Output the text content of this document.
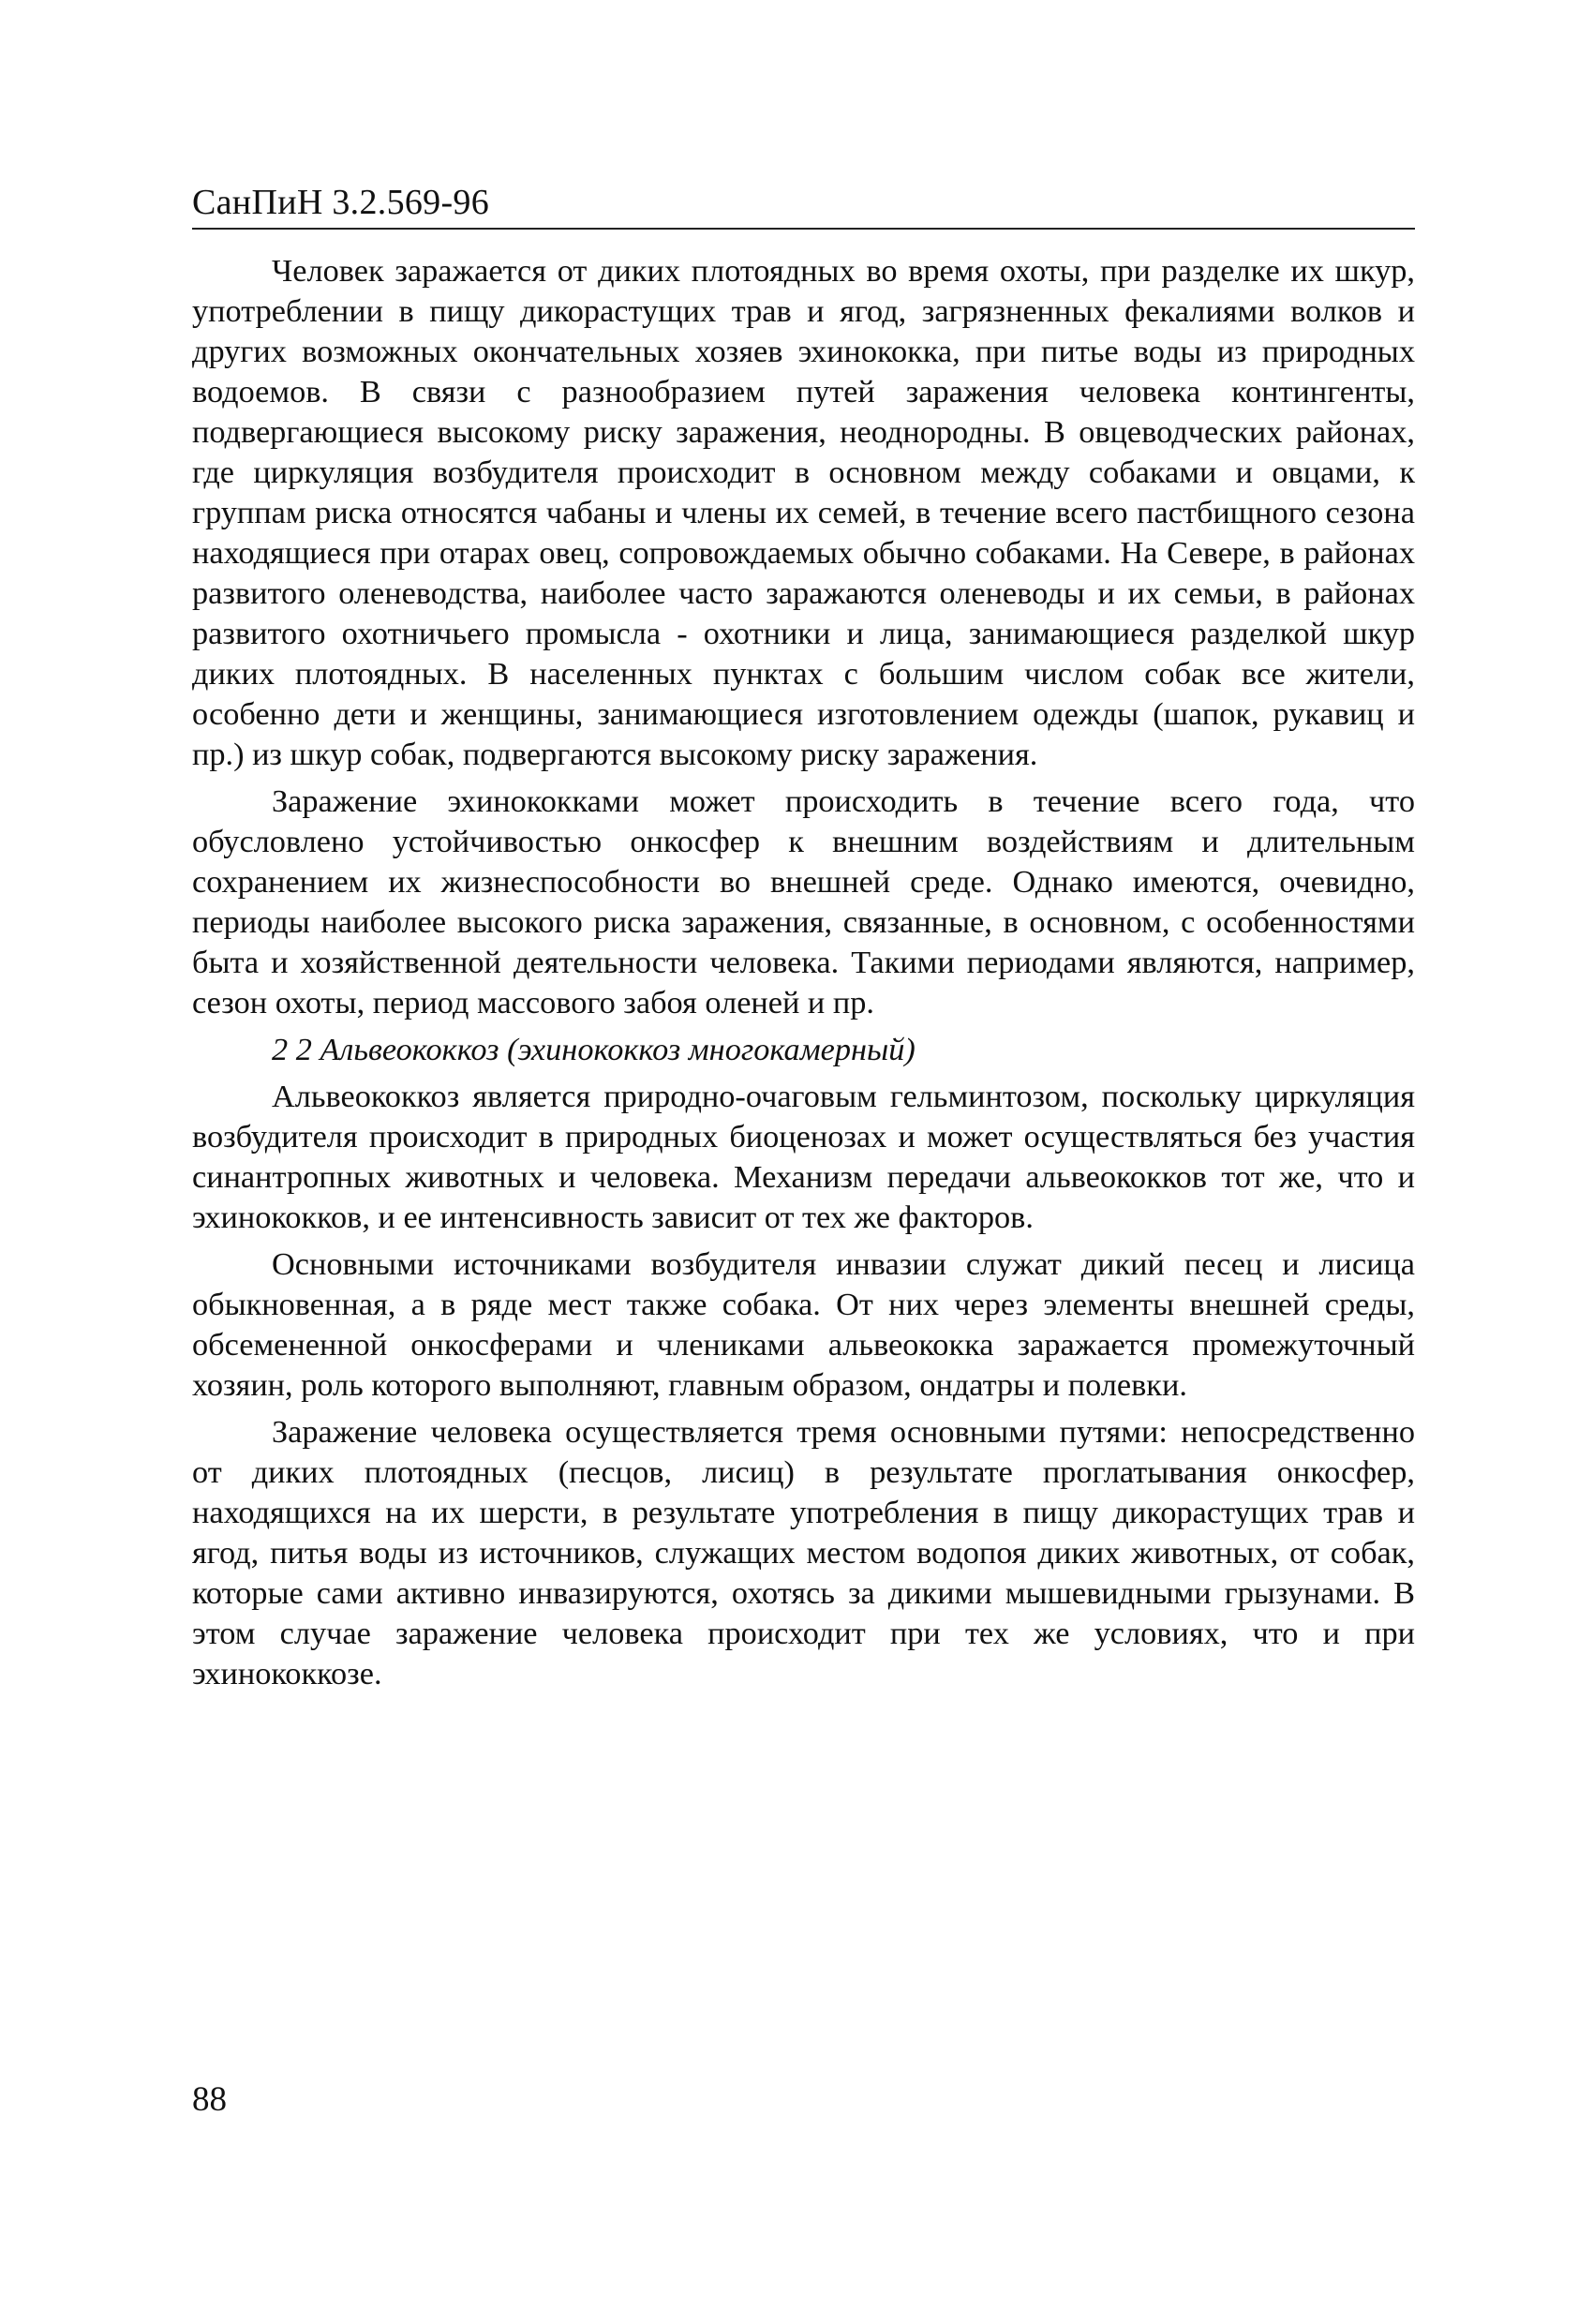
СанПиН 3.2.569-96

Человек заражается от диких плотоядных во время охоты, при разделке их шкур, употреблении в пищу дикорастущих трав и ягод, загрязненных фекалиями волков и других возможных окончательных хозяев эхинококка, при питье воды из природных водоемов. В связи с разнообразием путей заражения человека контингенты, подвергающиеся высокому риску заражения, неоднородны. В овцеводческих районах, где циркуляция возбудителя происходит в основном между собаками и овцами, к группам риска относятся чабаны и члены их семей, в течение всего пастбищного сезона находящиеся при отарах овец, сопровождаемых обычно собаками. На Севере, в районах развитого оленеводства, наиболее часто заражаются оленеводы и их семьи, в районах развитого охотничьего промысла - охотники и лица, занимающиеся разделкой шкур диких плотоядных. В населенных пунктах с большим числом собак все жители, особенно дети и женщины, занимающиеся изготовлением одежды (шапок, рукавиц и пр.) из шкур собак, подвергаются высокому риску заражения.

Заражение эхинококками может происходить в течение всего года, что обусловлено устойчивостью онкосфер к внешним воздействиям и длительным сохранением их жизнеспособности во внешней среде. Однако имеются, очевидно, периоды наиболее высокого риска заражения, связанные, в основном, с особенностями быта и хозяйственной деятельности человека. Такими периодами являются, например, сезон охоты, период массового забоя оленей и пр.

2 2 Альвеококкоз (эхинококкоз многокамерный)

Альвеококкоз является природно-очаговым гельминтозом, поскольку циркуляция возбудителя происходит в природных биоценозах и может осуществляться без участия синантропных животных и человека. Механизм передачи альвеококков тот же, что и эхинококков, и ее интенсивность зависит от тех же факторов.

Основными источниками возбудителя инвазии служат дикий песец и лисица обыкновенная, а в ряде мест также собака. От них через элементы внешней среды, обсемененной онкосферами и члениками альвеококка заражается промежуточный хозяин, роль которого выполняют, главным образом, ондатры и полевки.

Заражение человека осуществляется тремя основными путями: непосредственно от диких плотоядных (песцов, лисиц) в результате проглатывания онкосфер, находящихся на их шерсти, в результате употребления в пищу дикорастущих трав и ягод, питья воды из источников, служащих местом водопоя диких животных, от собак, которые сами активно инвазируются, охотясь за дикими мышевидными грызунами. В этом случае заражение человека происходит при тех же условиях, что и при эхинококкозе.

88
